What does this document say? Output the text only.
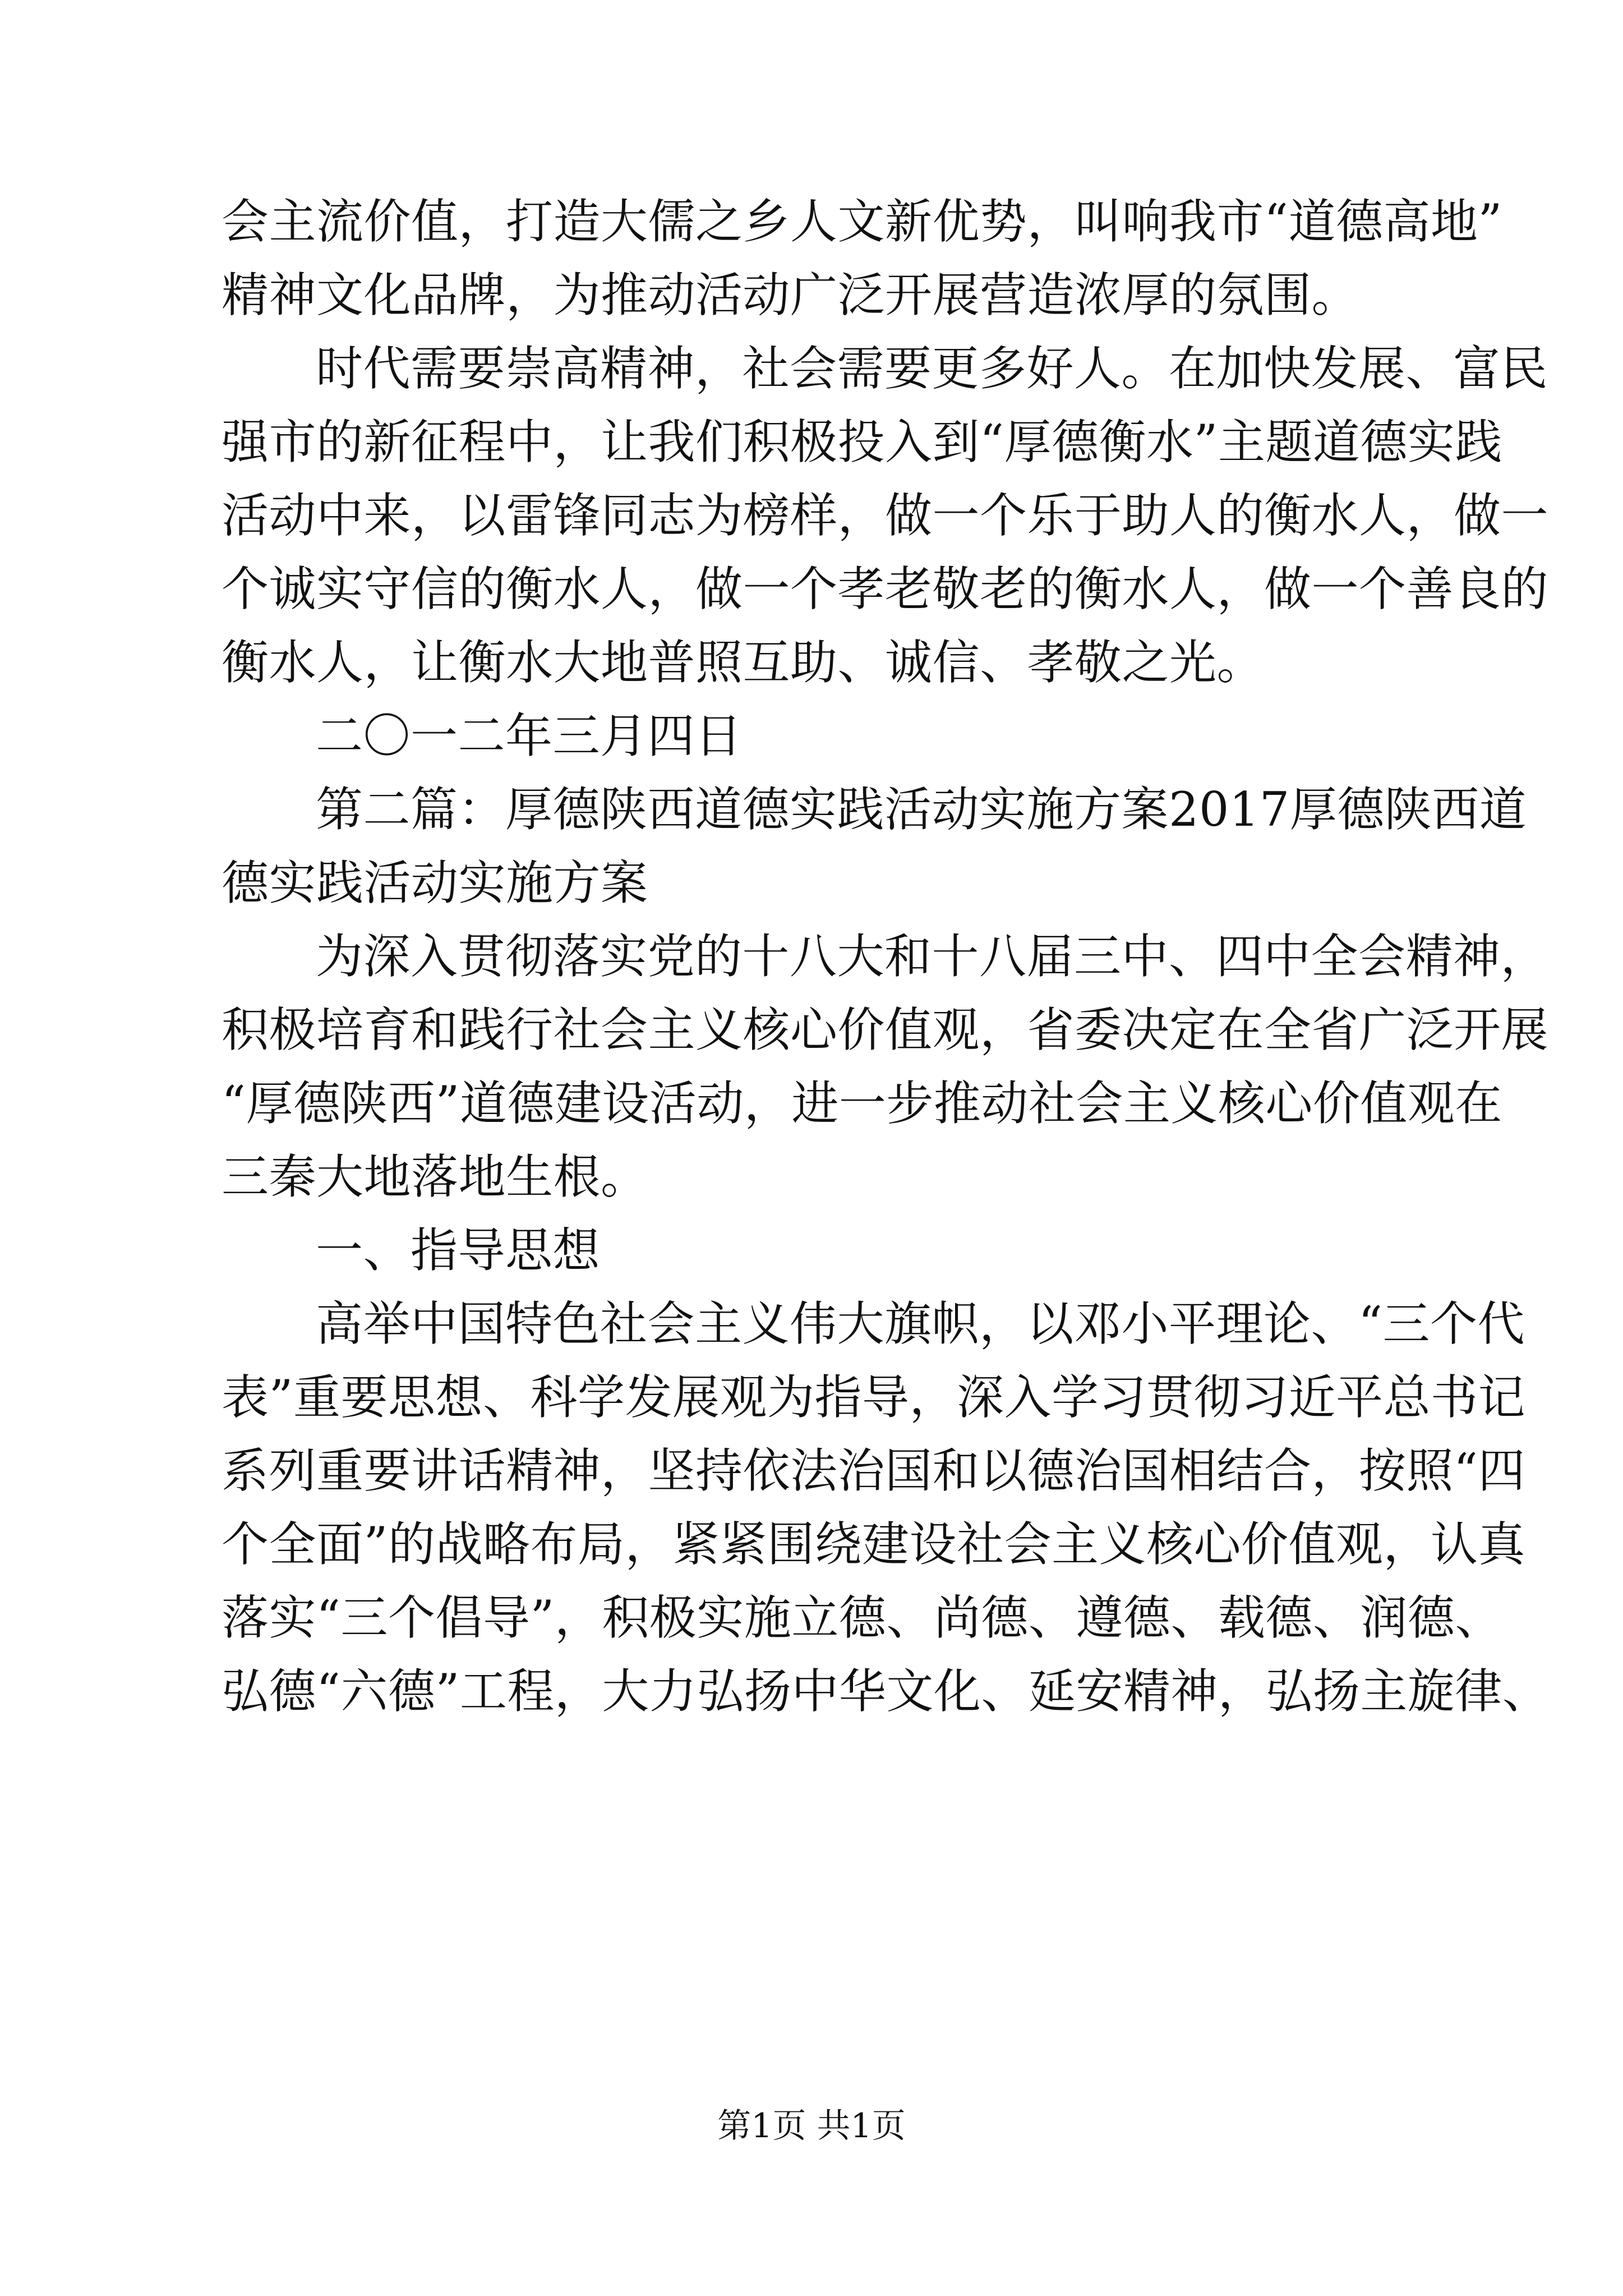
会主流价值，打造大儒之乡人文新优势，叫响我市“道德高地”
精神文化品牌，为推动活动广泛开展营造浓厚的氛围。
时代需要崇高精神，社会需要更多好人。在加快发展、富民
强市的新征程中，让我们积极投入到“厚德衡水”主题道德实践
活动中来，以雷锋同志为榜样，做一个乐于助人的衡水人，做一
个诚实守信的衡水人，做一个孝老敬老的衡水人，做一个善良的
衡水人，让衡水大地普照互助、诚信、孝敬之光。
二〇一二年三月四日
第二篇：厚德陕西道德实践活动实施方案2017厚德陕西道
德实践活动实施方案
为深入贯彻落实党的十八大和十八届三中、四中全会精神，
积极培育和践行社会主义核心价值观，省委决定在全省广泛开展
“厚德陕西”道德建设活动，进一步推动社会主义核心价值观在
三秦大地落地生根。
一、指导思想
高举中国特色社会主义伟大旗帜，以邓小平理论、“三个代
表”重要思想、科学发展观为指导，深入学习贯彻习近平总书记
系列重要讲话精神，坚持依法治国和以德治国相结合，按照“四
个全面”的战略布局，紧紧围绕建设社会主义核心价值观，认真
落实“三个倡导”，积极实施立德、尚德、遵德、载德、润德、
弘德“六德”工程，大力弘扬中华文化、延安精神，弘扬主旋律、
第1页 共1页
